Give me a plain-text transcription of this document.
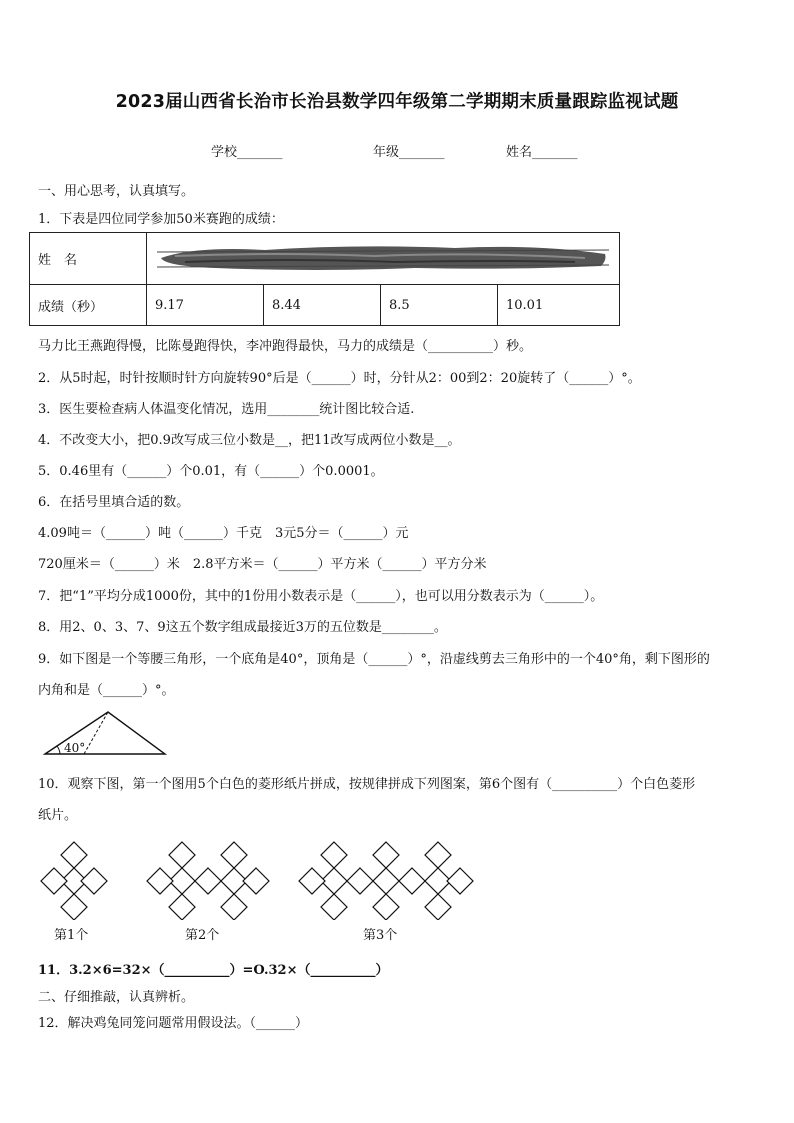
2023届山西省长治市长治县数学四年级第二学期期末质量跟踪监视试题
学校_______	年级_______	姓名_______
一、用心思考，认真填写。
1．下表是四位同学参加50米赛跑的成绩：
姓　名	
成绩（秒）	9.17	8.44	8.5	10.01
马力比王燕跑得慢，比陈曼跑得快，李冲跑得最快，马力的成绩是（__________）秒。
2．从5时起，时针按顺时针方向旋转90°后是（______）时，分针从2：00到2：20旋转了（______）°。
3．医生要检查病人体温变化情况，选用________统计图比较合适.
4．不改变大小，把0.9改写成三位小数是__，把11改写成两位小数是__。
5．0.46里有（______）个0.01，有（______）个0.0001。
6．在括号里填合适的数。
4.09吨＝（______）吨（______）千克　3元5分＝（______）元
720厘米＝（______）米　2.8平方米＝（______）平方米（______）平方分米
7．把“1”平均分成1000份，其中的1份用小数表示是（______），也可以用分数表示为（______）。
8．用2、0、3、7、9这五个数字组成最接近3万的五位数是________。
9．如下图是一个等腰三角形，一个底角是40°，顶角是（______）°，沿虚线剪去三角形中的一个40°角，剩下图形的
内角和是（______）°。
40°
10．观察下图，第一个图用5个白色的菱形纸片拼成，按规律拼成下列图案，第6个图有（__________）个白色菱形
纸片。
第1个	第2个	第3个
11．3.2×6=32×（__________）=O.32×（__________）
二、仔细推敲，认真辨析。
12．解决鸡兔同笼问题常用假设法。（______）
